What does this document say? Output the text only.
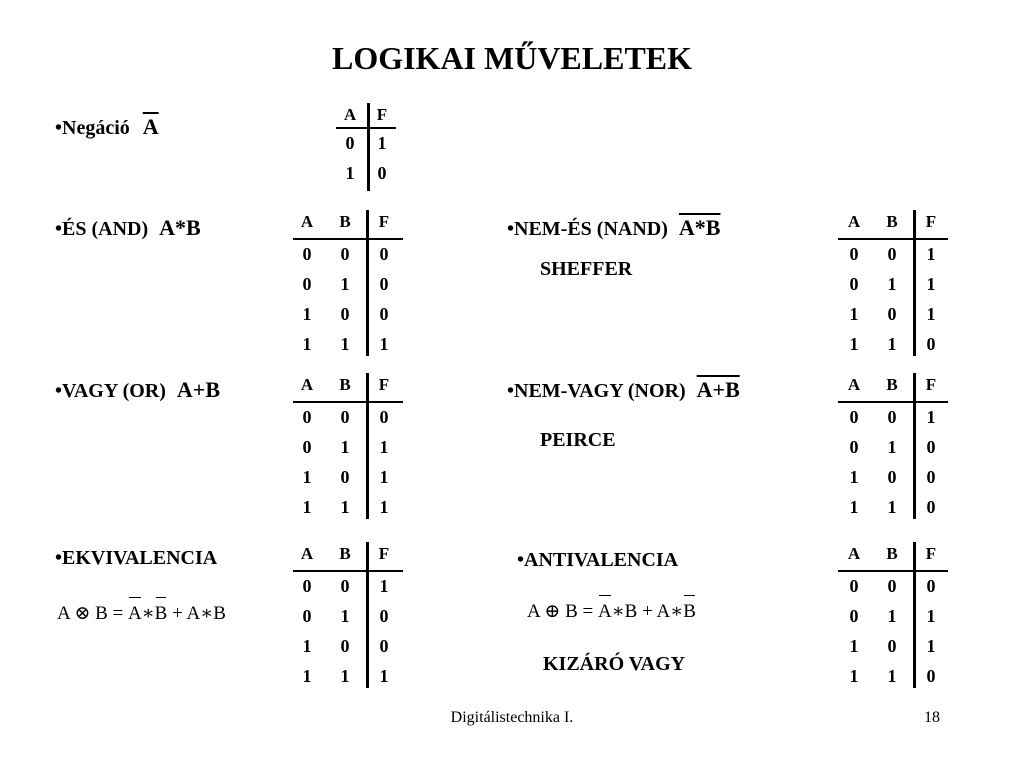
LOGIKAI MŰVELETEK
•Negáció $\overline{A}$
•ÉS (AND) A*B	•NEM-ÉS (NAND) A*B
SHEFFER
•VAGY (OR) A+B	•NEM-VAGY (NOR) A+B
PEIRCE
•EKVIVALENCIA
A ⊗ B = A∗B + A∗B
•ANTIVALENCIA
A ⊕ B = A∗B + A∗B
KIZÁRÓ VAGY
A	F
0	1
1	0
A	B	F
0	0	0
0	1	0
1	0	0
1	1	1
A	B	F
0	0	1
0	1	1
1	0	1
1	1	0
A	B	F
0	0	0
0	1	1
1	0	1
1	1	1
A	B	F
0	0	1
0	1	0
1	0	0
1	1	0
A	B	F
0	0	1
0	1	0
1	0	0
1	1	1
A	B	F
0	0	0
0	1	1
1	0	1
1	1	0
Digitálistechnika I.	18
